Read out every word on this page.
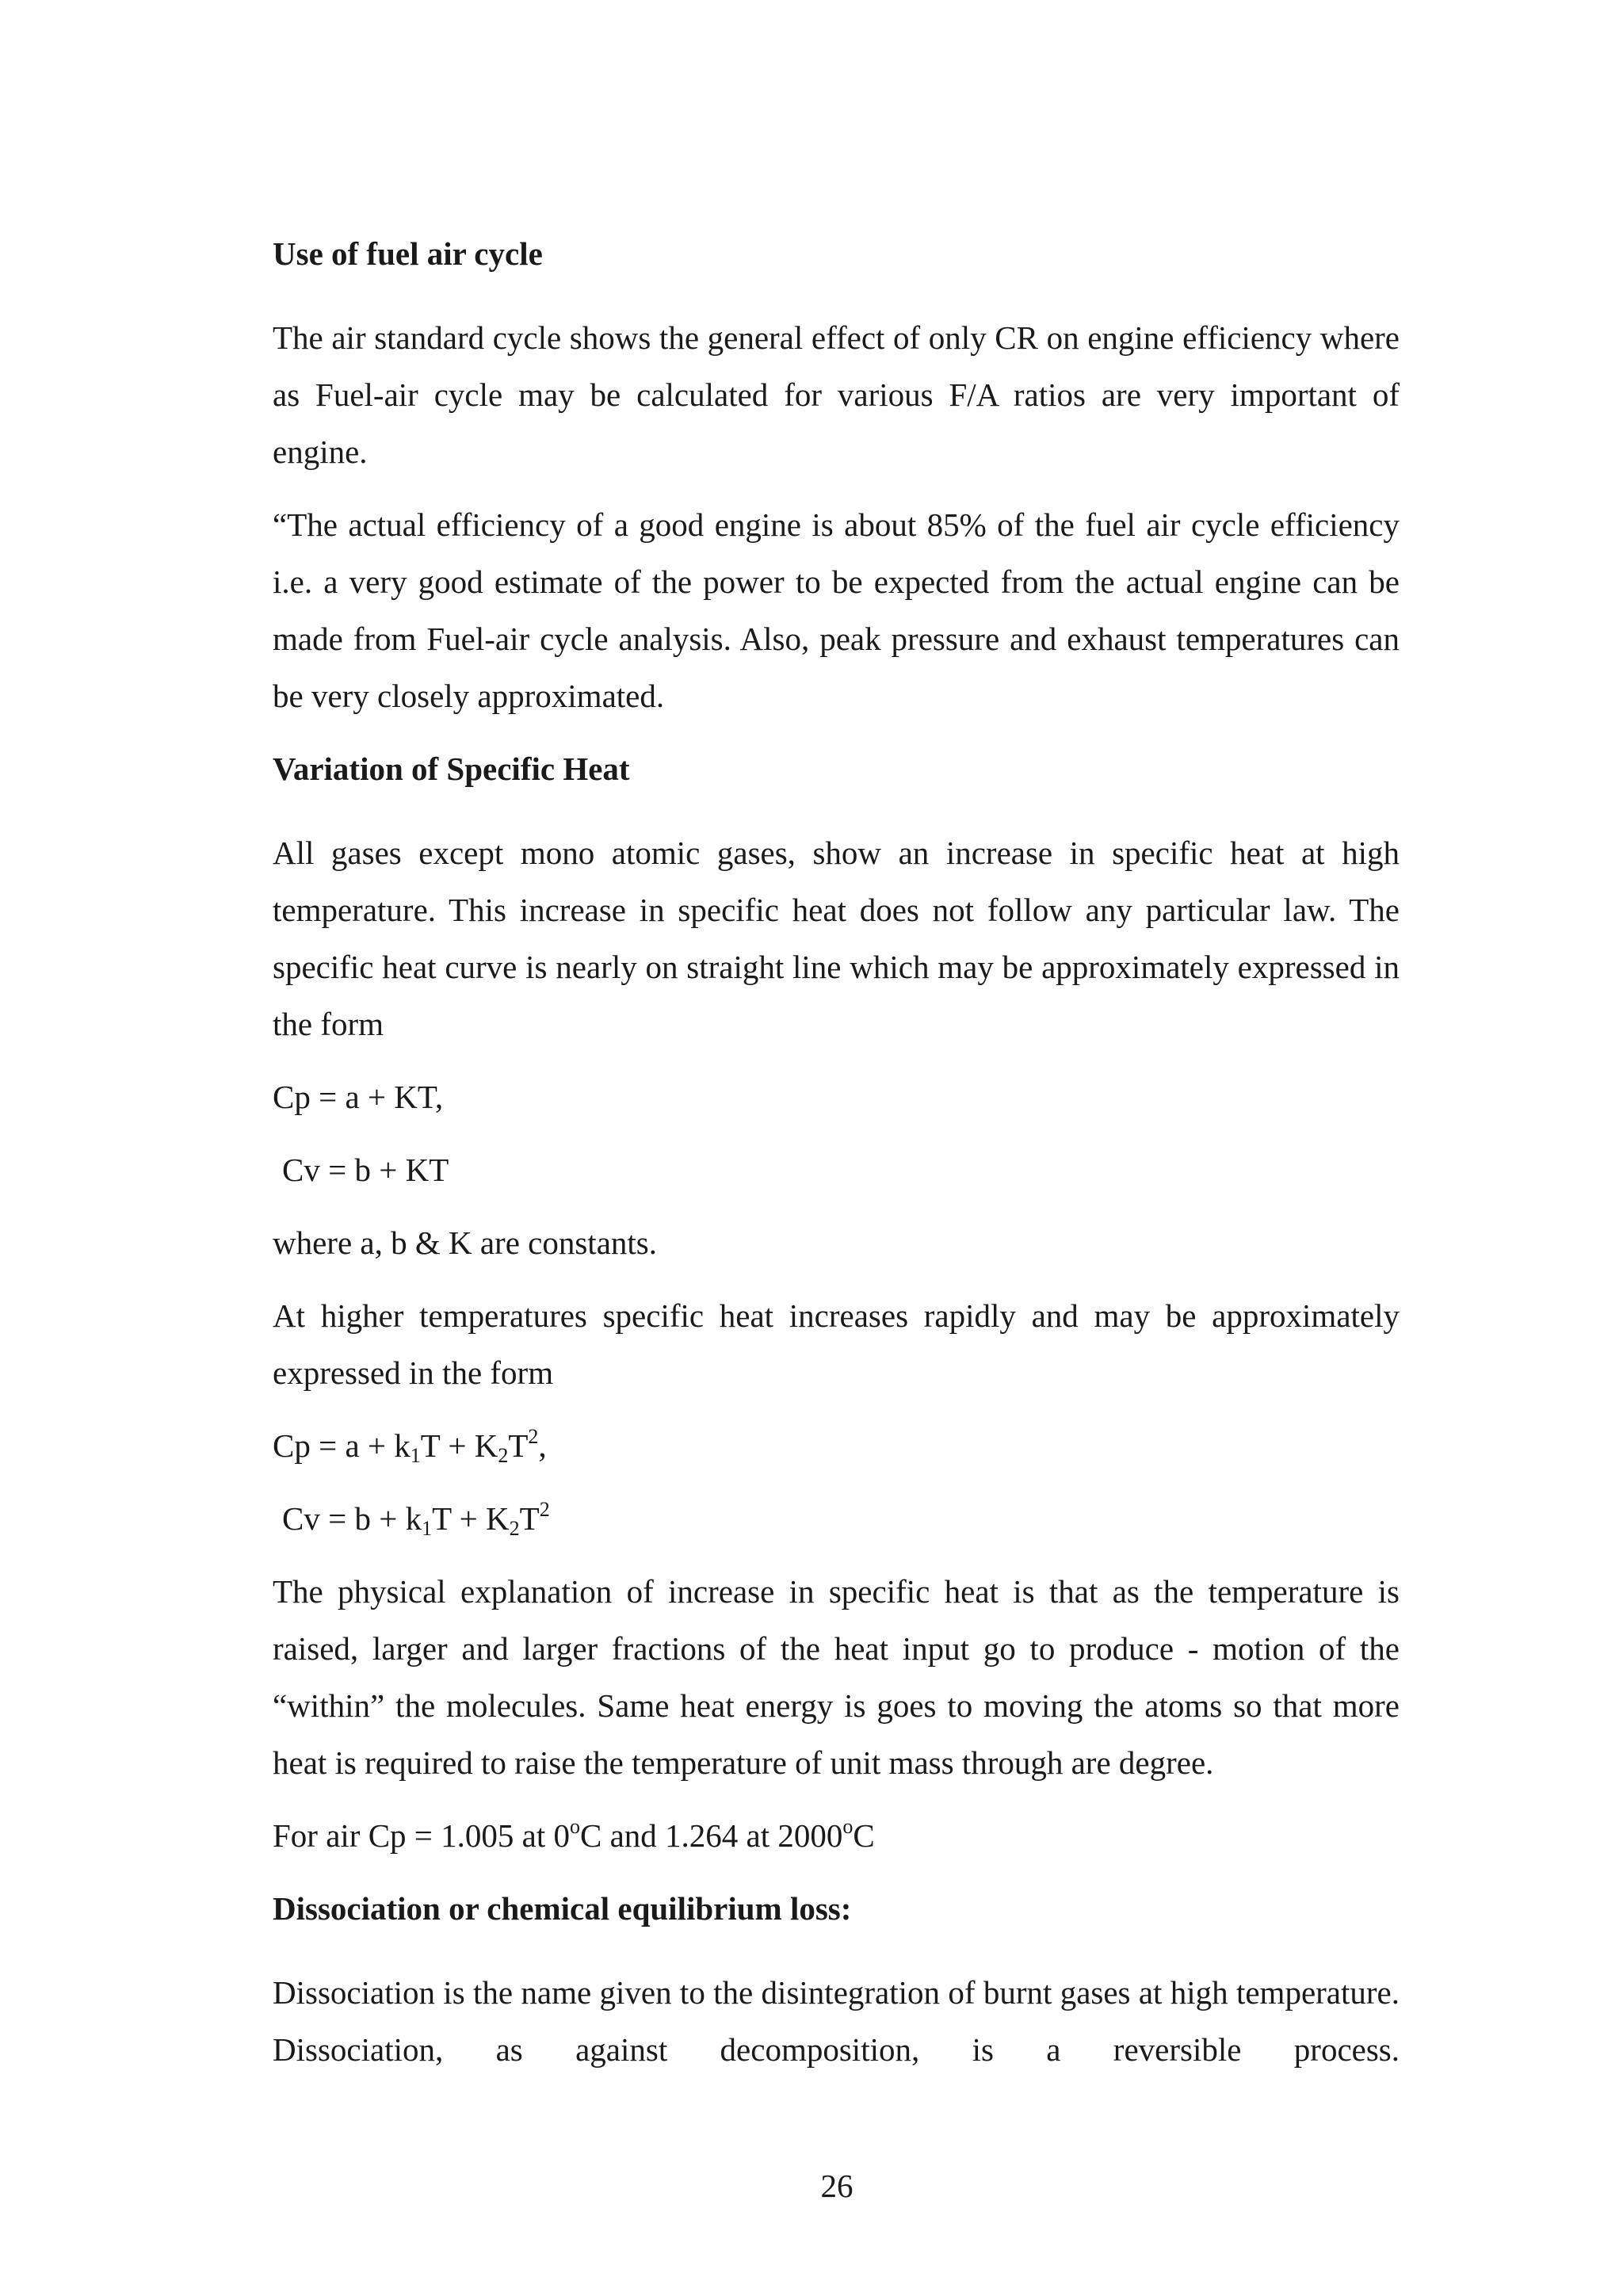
Use of fuel air cycle

The air standard cycle shows the general effect of only CR on engine efficiency where as Fuel-air cycle may be calculated for various F/A ratios are very important of engine.

“The actual efficiency of a good engine is about 85% of the fuel air cycle efficiency i.e. a very good estimate of the power to be expected from the actual engine can be made from Fuel-air cycle analysis. Also, peak pressure and exhaust temperatures can be very closely approximated.

Variation of Specific Heat

All gases except mono atomic gases, show an increase in specific heat at high temperature. This increase in specific heat does not follow any particular law. The specific heat curve is nearly on straight line which may be approximately expressed in the form

Cp = a + KT,

Cv = b + KT

where a, b & K are constants.

At higher temperatures specific heat increases rapidly and may be approximately expressed in the form

$Cp = a + k_1T + K_2T^2$,

$Cv = b + k_1T + K_2T^2$

The physical explanation of increase in specific heat is that as the temperature is raised, larger and larger fractions of the heat input go to produce - motion of the “within” the molecules. Same heat energy is goes to moving the atoms so that more heat is required to raise the temperature of unit mass through are degree.

For air Cp = 1.005 at 0$^o$C and 1.264 at 2000$^o$C

Dissociation or chemical equilibrium loss:

Dissociation is the name given to the disintegration of burnt gases at high temperature. Dissociation, as against decomposition, is a reversible process.

26
